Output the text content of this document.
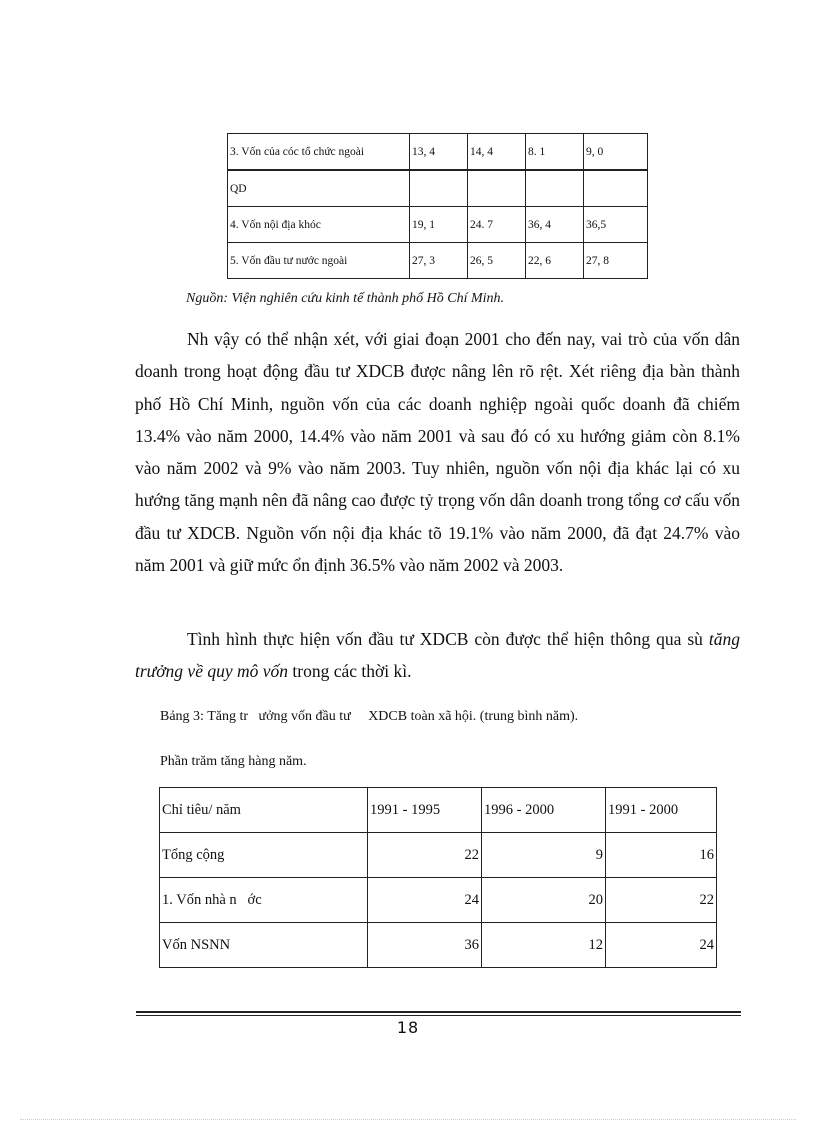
3. Vốn của cóc tổ chức ngoài	13, 4	14, 4	8. 1	9, 0
QD				
4. Vốn nội địa khóc	19, 1	24. 7	36, 4	36,5
5. Vốn đầu tư nước ngoài	27, 3	26, 5	22, 6	27, 8
Nguồn: Viện nghiên cứu kinh tế thành phố Hồ Chí Minh.
Nh vậy có thể nhận xét, với giai đoạn 2001 cho đến nay, vai trò của vốn dân doanh trong hoạt động đầu tư XDCB được nâng lên rõ rệt. Xét riêng địa bàn thành phố Hồ Chí Minh, nguồn vốn của các doanh nghiệp ngoài quốc doanh đã chiếm 13.4% vào năm 2000, 14.4% vào năm 2001 và sau đó có xu hướng giảm còn 8.1% vào năm 2002 và 9% vào năm 2003. Tuy nhiên, nguồn vốn nội địa khác lại có xu hướng tăng mạnh nên đã nâng cao được tỷ trọng vốn dân doanh trong tổng cơ cấu vốn đầu tư XDCB. Nguồn vốn nội địa khác tõ 19.1% vào năm 2000, đã đạt 24.7% vào năm 2001 và giữ mức ổn định 36.5% vào năm 2002 và 2003.
Tình hình thực hiện vốn đầu tư XDCB còn được thể hiện thông qua sù tăng trưởng về quy mô vốn trong các thời kì.
Bảng 3: Tăng tr   ưởng vốn đầu tư     XDCB toàn xã hội. (trung bình năm).
Phần trăm tăng hàng năm.
Chỉ tiêu/ năm	1991 - 1995	1996 - 2000	1991 - 2000
Tổng cộng	22	9	16
1. Vốn nhà n   ớc	24	20	22
Vốn NSNN	36	12	24
18
